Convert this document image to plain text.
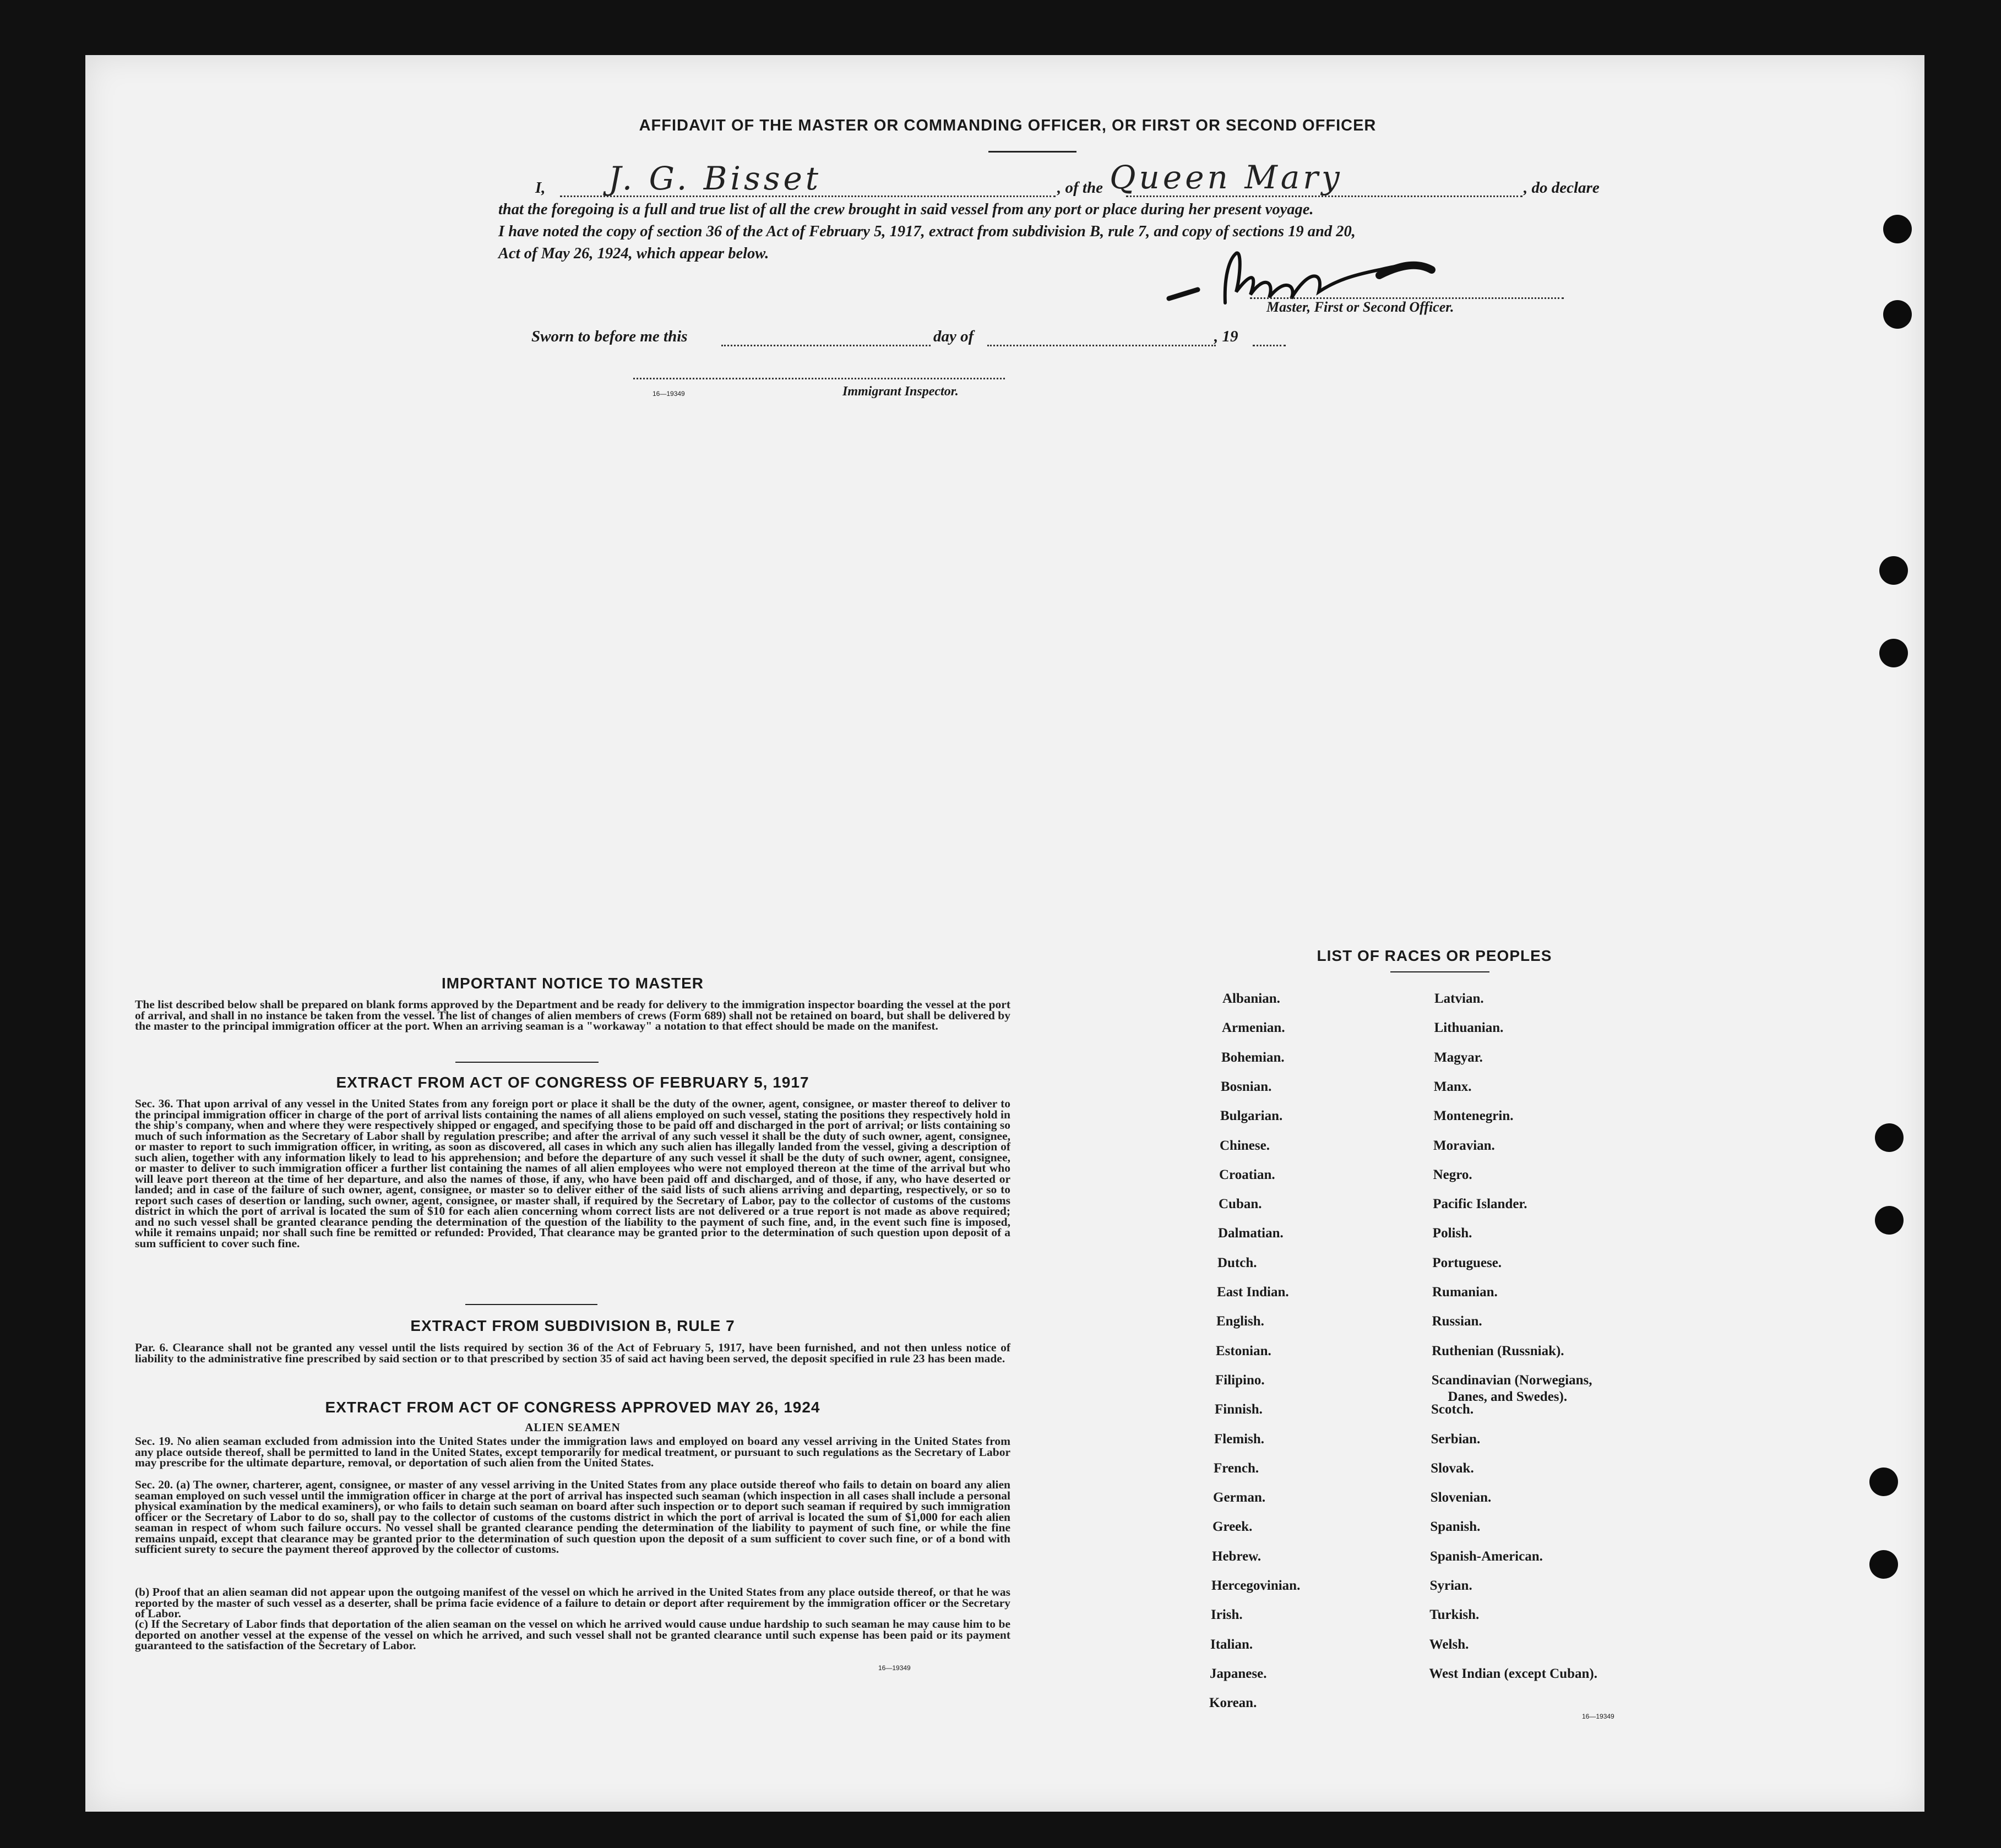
AFFIDAVIT OF THE MASTER OR COMMANDING OFFICER, OR FIRST OR SECOND OFFICER
I, J. G. Bisset	, of the Queen Mary	, do declare
that the foregoing is a full and true list of all the crew brought in said vessel from any port or place during her present voyage.
I have noted the copy of section 36 of the Act of February 5, 1917, extract from subdivision B, rule 7, and copy of sections 19 and 20,
Act of May 26, 1924, which appear below.
Master, First or Second Officer.
Sworn to before me this	day of	, 19
16—19349	Immigrant Inspector.
IMPORTANT NOTICE TO MASTER
The list described below shall be prepared on blank forms approved by the Department and be ready for delivery to the immigration inspector boarding the vessel at the port of arrival, and shall in no instance be taken from the vessel. The list of changes of alien members of crews (Form 689) shall not be retained on board, but shall be delivered by the master to the principal immigration officer at the port. When an arriving seaman is a "workaway" a notation to that effect should be made on the manifest.
EXTRACT FROM ACT OF CONGRESS OF FEBRUARY 5, 1917
Sec. 36. That upon arrival of any vessel in the United States from any foreign port or place it shall be the duty of the owner, agent, consignee, or master thereof to deliver to the principal immigration officer in charge of the port of arrival lists containing the names of all aliens employed on such vessel, stating the positions they respectively hold in the ship's company, when and where they were respectively shipped or engaged, and specifying those to be paid off and discharged in the port of arrival; or lists containing so much of such information as the Secretary of Labor shall by regulation prescribe; and after the arrival of any such vessel it shall be the duty of such owner, agent, consignee, or master to report to such immigration officer, in writing, as soon as discovered, all cases in which any such alien has illegally landed from the vessel, giving a description of such alien, together with any information likely to lead to his apprehension; and before the departure of any such vessel it shall be the duty of such owner, agent, consignee, or master to deliver to such immigration officer a further list containing the names of all alien employees who were not employed thereon at the time of the arrival but who will leave port thereon at the time of her departure, and also the names of those, if any, who have been paid off and discharged, and of those, if any, who have deserted or landed; and in case of the failure of such owner, agent, consignee, or master so to deliver either of the said lists of such aliens arriving and departing, respectively, or so to report such cases of desertion or landing, such owner, agent, consignee, or master shall, if required by the Secretary of Labor, pay to the collector of customs of the customs district in which the port of arrival is located the sum of $10 for each alien concerning whom correct lists are not delivered or a true report is not made as above required; and no such vessel shall be granted clearance pending the determination of the question of the liability to the payment of such fine, and, in the event such fine is imposed, while it remains unpaid; nor shall such fine be remitted or refunded: Provided, That clearance may be granted prior to the determination of such question upon deposit of a sum sufficient to cover such fine.
EXTRACT FROM SUBDIVISION B, RULE 7
Par. 6. Clearance shall not be granted any vessel until the lists required by section 36 of the Act of February 5, 1917, have been furnished, and not then unless notice of liability to the administrative fine prescribed by said section or to that prescribed by section 35 of said act having been served, the deposit specified in rule 23 has been made.
EXTRACT FROM ACT OF CONGRESS APPROVED MAY 26, 1924
ALIEN SEAMEN
Sec. 19. No alien seaman excluded from admission into the United States under the immigration laws and employed on board any vessel arriving in the United States from any place outside thereof, shall be permitted to land in the United States, except temporarily for medical treatment, or pursuant to such regulations as the Secretary of Labor may prescribe for the ultimate departure, removal, or deportation of such alien from the United States.
Sec. 20. (a) The owner, charterer, agent, consignee, or master of any vessel arriving in the United States from any place outside thereof who fails to detain on board any alien seaman employed on such vessel until the immigration officer in charge at the port of arrival has inspected such seaman (which inspection in all cases shall include a personal physical examination by the medical examiners), or who fails to detain such seaman on board after such inspection or to deport such seaman if required by such immigration officer or the Secretary of Labor to do so, shall pay to the collector of customs of the customs district in which the port of arrival is located the sum of $1,000 for each alien seaman in respect of whom such failure occurs. No vessel shall be granted clearance pending the determination of the liability to payment of such fine, or while the fine remains unpaid, except that clearance may be granted prior to the determination of such question upon the deposit of a sum sufficient to cover such fine, or of a bond with sufficient surety to secure the payment thereof approved by the collector of customs.
(b) Proof that an alien seaman did not appear upon the outgoing manifest of the vessel on which he arrived in the United States from any place outside thereof, or that he was reported by the master of such vessel as a deserter, shall be prima facie evidence of a failure to detain or deport after requirement by the immigration officer or the Secretary of Labor.
(c) If the Secretary of Labor finds that deportation of the alien seaman on the vessel on which he arrived would cause undue hardship to such seaman he may cause him to be deported on another vessel at the expense of the vessel on which he arrived, and such vessel shall not be granted clearance until such expense has been paid or its payment guaranteed to the satisfaction of the Secretary of Labor.
16—19349
LIST OF RACES OR PEOPLES
16—19349
Albanian.
Armenian.
Bohemian.
Bosnian.
Bulgarian.
Chinese.
Croatian.
Cuban.
Dalmatian.
Dutch.
East Indian.
English.
Estonian.
Filipino.
Finnish.
Flemish.
French.
German.
Greek.
Hebrew.
Hercegovinian.
Irish.
Italian.
Japanese.
Korean.
Latvian.
Lithuanian.
Magyar.
Manx.
Montenegrin.
Moravian.
Negro.
Pacific Islander.
Polish.
Portuguese.
Rumanian.
Russian.
Ruthenian (Russniak).
Scandinavian (Norwegians,
Danes, and Swedes).
Scotch.
Serbian.
Slovak.
Slovenian.
Spanish.
Spanish-American.
Syrian.
Turkish.
Welsh.
West Indian (except Cuban).
